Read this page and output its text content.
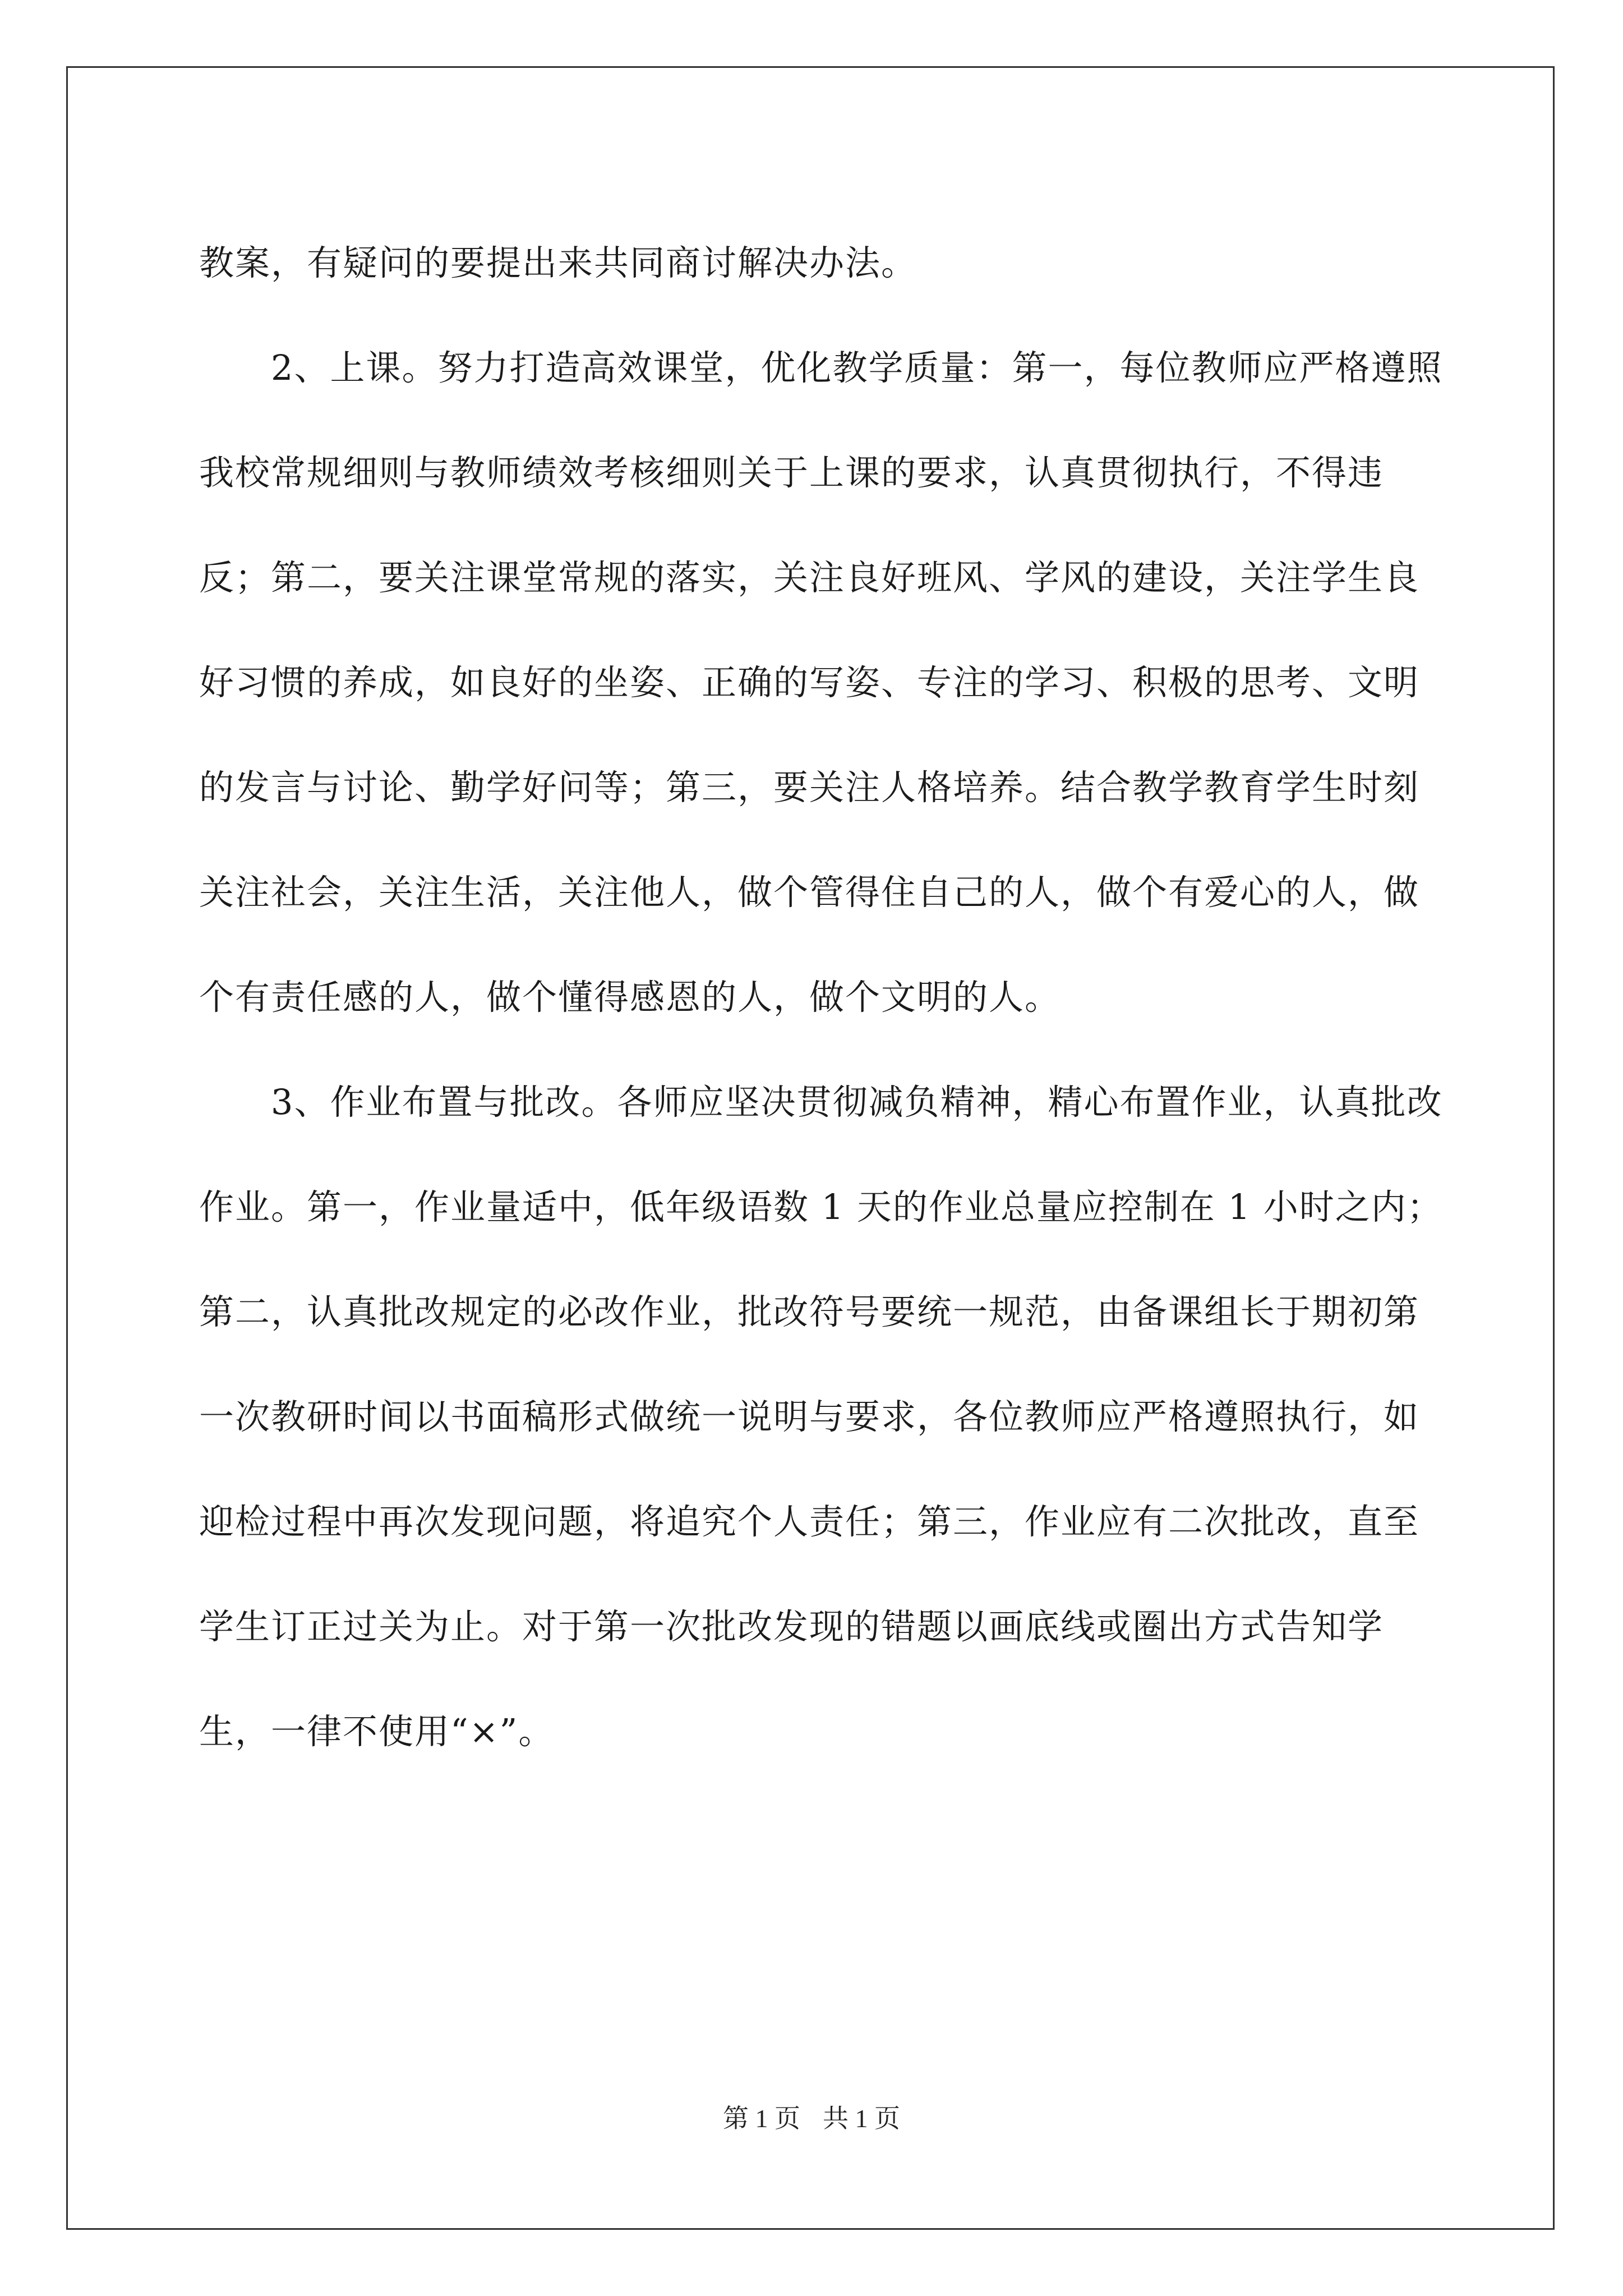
教案，有疑问的要提出来共同商讨解决办法。

　　2、上课。努力打造高效课堂，优化教学质量：第一，每位教师应严格遵照我校常规细则与教师绩效考核细则关于上课的要求，认真贯彻执行，不得违反；第二，要关注课堂常规的落实，关注良好班风、学风的建设，关注学生良好习惯的养成，如良好的坐姿、正确的写姿、专注的学习、积极的思考、文明的发言与讨论、勤学好问等；第三，要关注人格培养。结合教学教育学生时刻关注社会，关注生活，关注他人，做个管得住自己的人，做个有爱心的人，做个有责任感的人，做个懂得感恩的人，做个文明的人。

　　3、作业布置与批改。各师应坚决贯彻减负精神，精心布置作业，认真批改作业。第一，作业量适中，低年级语数 1 天的作业总量应控制在 1 小时之内；第二，认真批改规定的必改作业，批改符号要统一规范，由备课组长于期初第一次教研时间以书面稿形式做统一说明与要求，各位教师应严格遵照执行，如迎检过程中再次发现问题，将追究个人责任；第三，作业应有二次批改，直至学生订正过关为止。对于第一次批改发现的错题以画底线或圈出方式告知学生，一律不使用“×”。

第 1 页 共 1 页
